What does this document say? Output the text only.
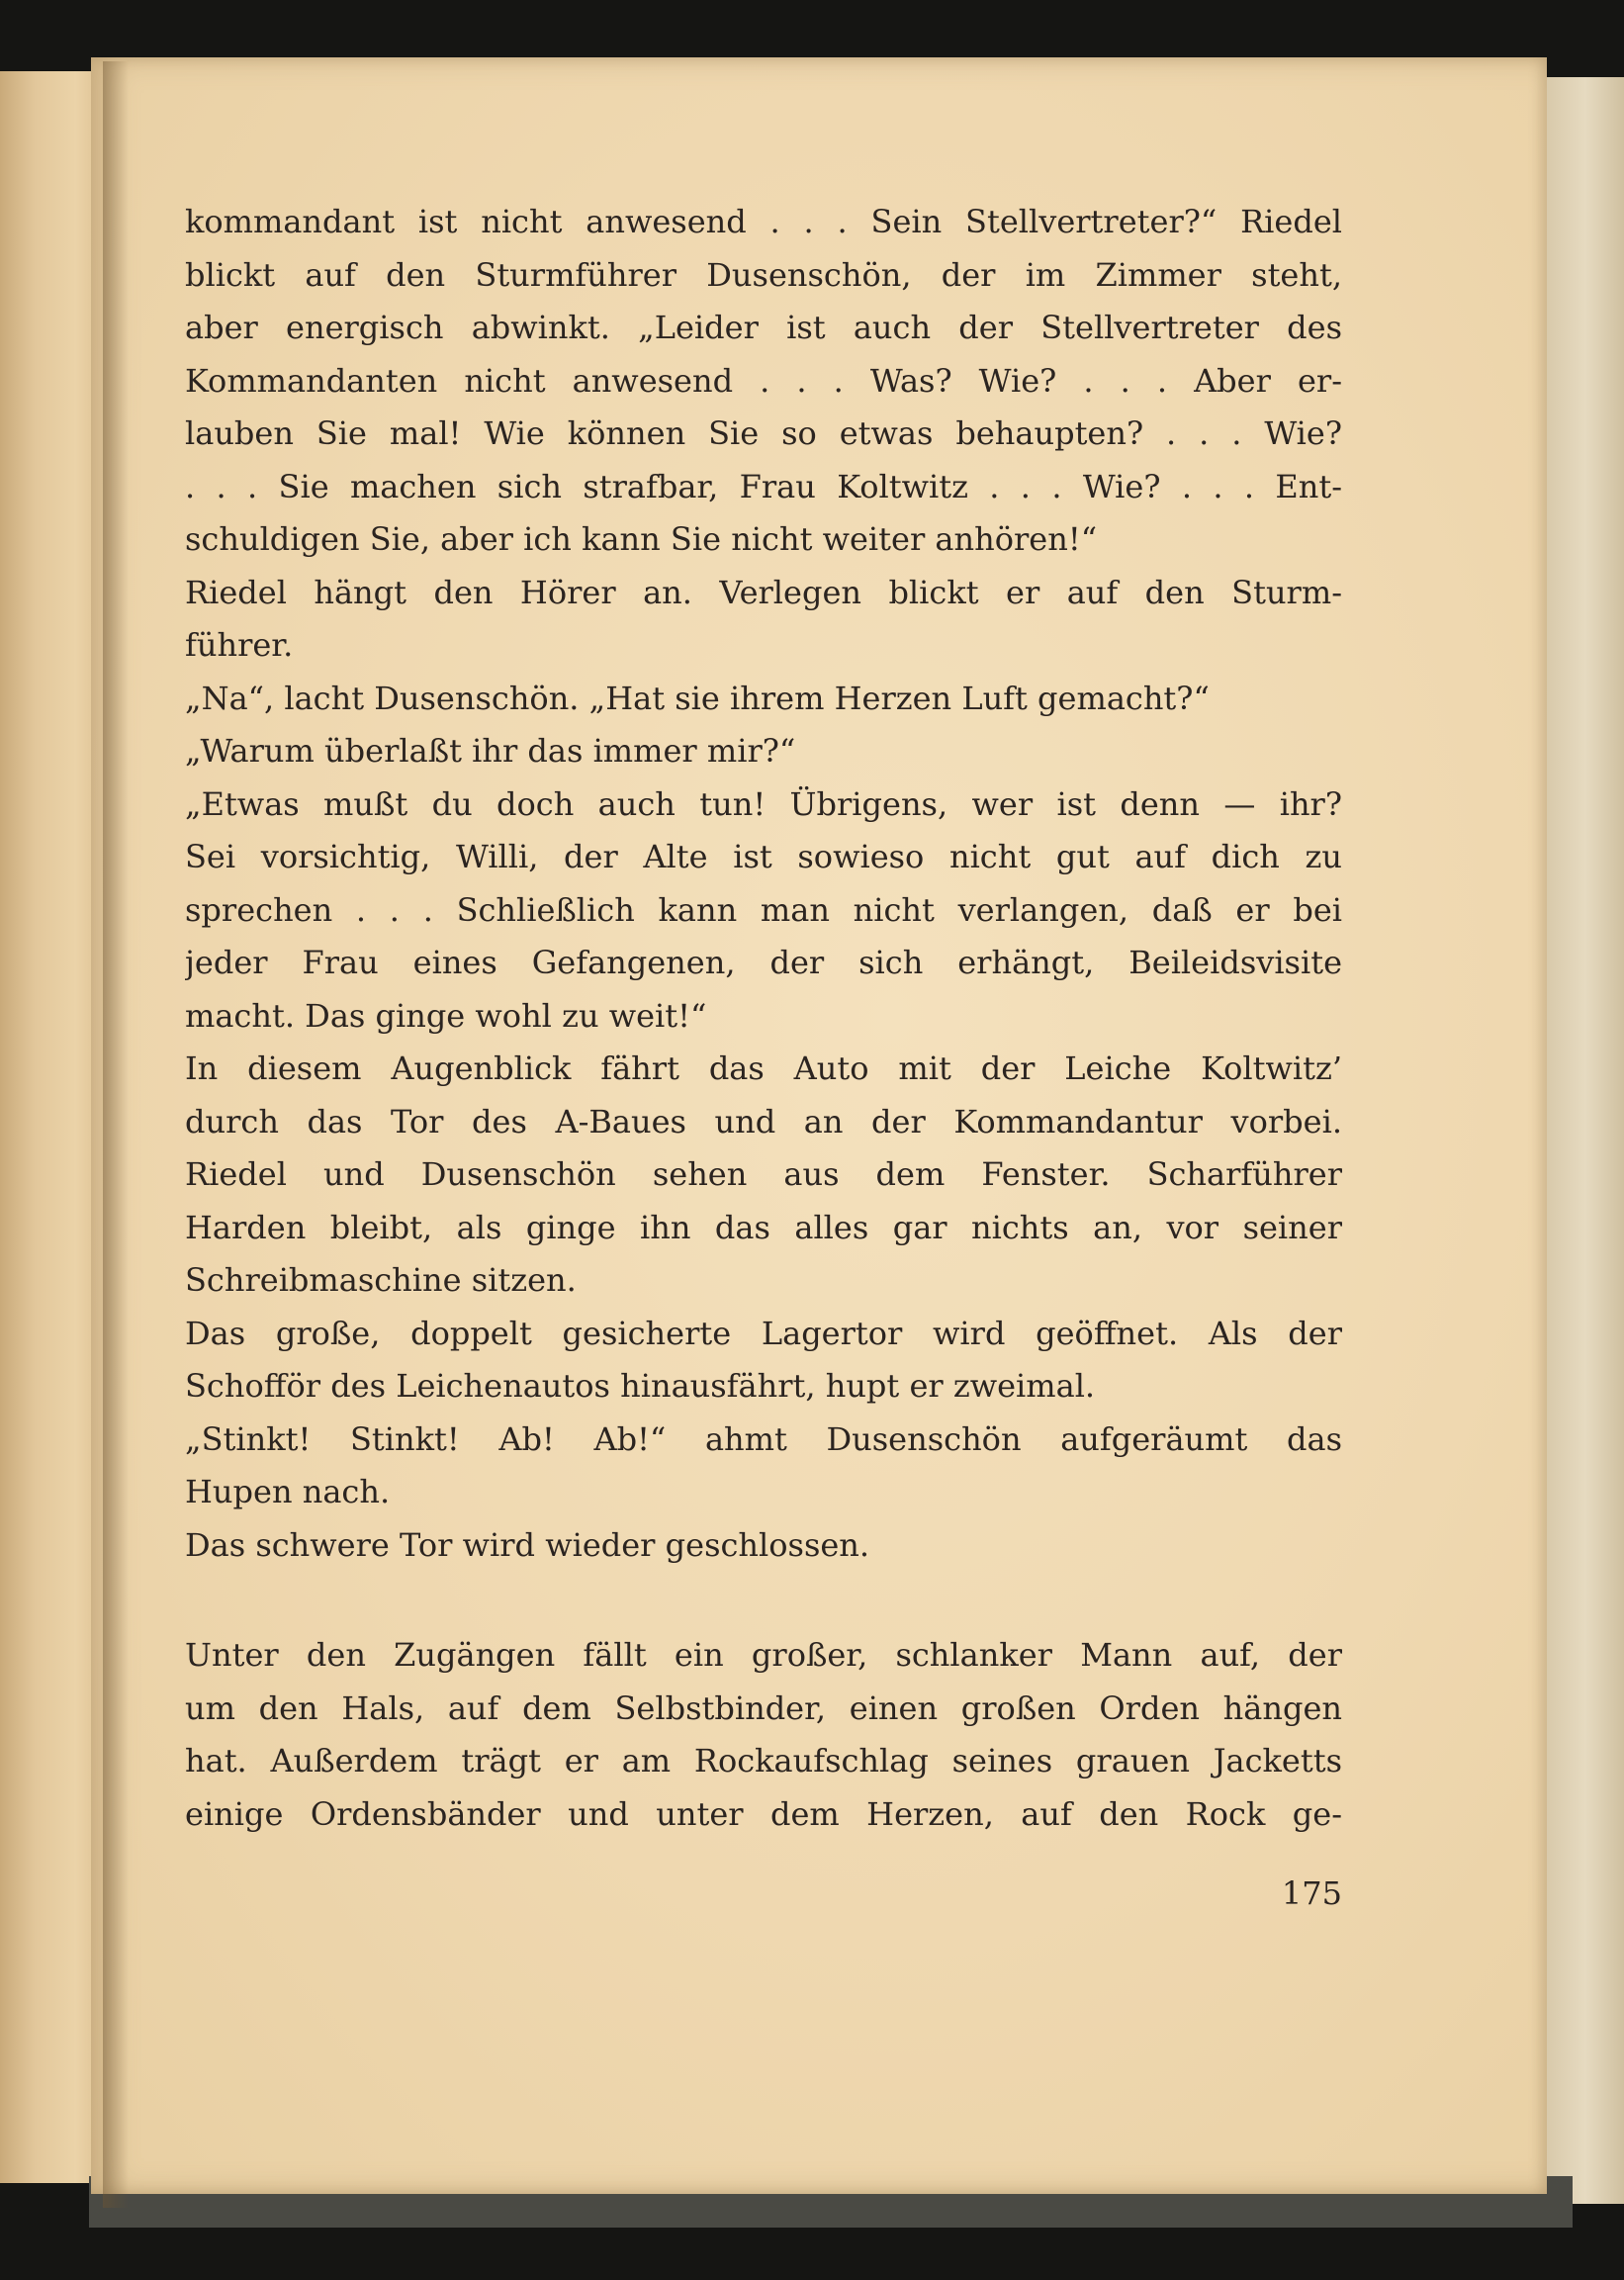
kommandant ist nicht anwesend . . . Sein Stellvertreter?“ Riedel
blickt auf den Sturmführer Dusenschön, der im Zimmer steht,
aber energisch abwinkt. „Leider ist auch der Stellvertreter des
Kommandanten nicht anwesend . . . Was? Wie? . . . Aber er-
lauben Sie mal! Wie können Sie so etwas behaupten? . . . Wie?
. . . Sie machen sich strafbar, Frau Koltwitz . . . Wie? . . . Ent-
schuldigen Sie, aber ich kann Sie nicht weiter anhören!“
Riedel hängt den Hörer an. Verlegen blickt er auf den Sturm-
führer.
„Na“, lacht Dusenschön. „Hat sie ihrem Herzen Luft gemacht?“
„Warum überlaßt ihr das immer mir?“
„Etwas mußt du doch auch tun! Übrigens, wer ist denn — ihr?
Sei vorsichtig, Willi, der Alte ist sowieso nicht gut auf dich zu
sprechen . . . Schließlich kann man nicht verlangen, daß er bei
jeder Frau eines Gefangenen, der sich erhängt, Beileidsvisite
macht. Das ginge wohl zu weit!“
In diesem Augenblick fährt das Auto mit der Leiche Koltwitz’
durch das Tor des A-Baues und an der Kommandantur vorbei.
Riedel und Dusenschön sehen aus dem Fenster. Scharführer
Harden bleibt, als ginge ihn das alles gar nichts an, vor seiner
Schreibmaschine sitzen.
Das große, doppelt gesicherte Lagertor wird geöffnet. Als der
Schofför des Leichenautos hinausfährt, hupt er zweimal.
„Stinkt! Stinkt! Ab! Ab!“ ahmt Dusenschön aufgeräumt das
Hupen nach.
Das schwere Tor wird wieder geschlossen.
Unter den Zugängen fällt ein großer, schlanker Mann auf, der
um den Hals, auf dem Selbstbinder, einen großen Orden hängen
hat. Außerdem trägt er am Rockaufschlag seines grauen Jacketts
einige Ordensbänder und unter dem Herzen, auf den Rock ge-
175
